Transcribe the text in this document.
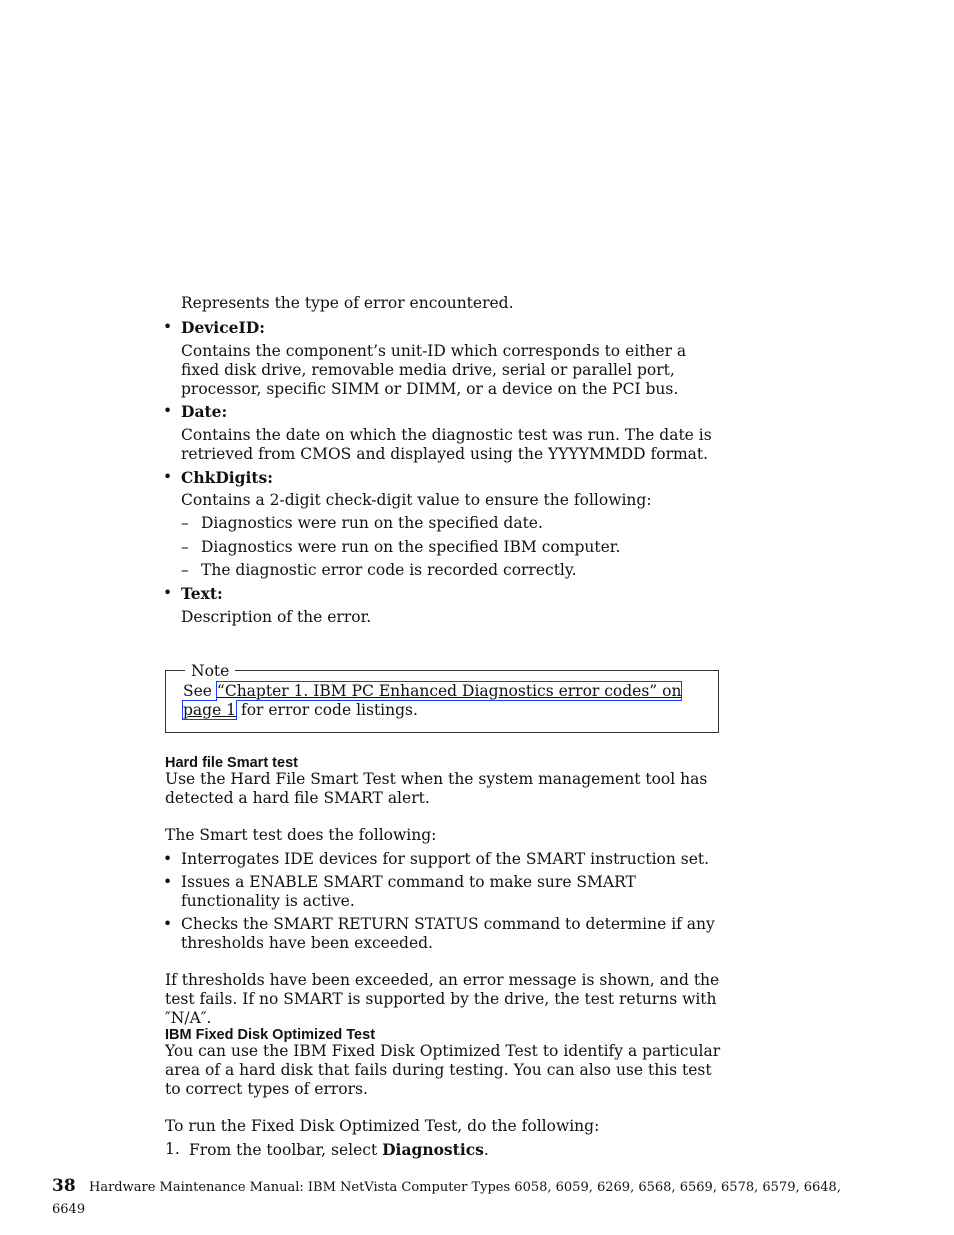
Represents the type of error encountered.

• DeviceID:

Contains the component’s unit-ID which corresponds to either a fixed disk drive, removable media drive, serial or parallel port, processor, specific SIMM or DIMM, or a device on the PCI bus.

• Date:

Contains the date on which the diagnostic test was run. The date is retrieved from CMOS and displayed using the YYYYMMDD format.

• ChkDigits:

Contains a 2-digit check-digit value to ensure the following:

– Diagnostics were run on the specified date.

– Diagnostics were run on the specified IBM computer.

– The diagnostic error code is recorded correctly.

• Text:

Description of the error.

Note

See “Chapter 1. IBM PC Enhanced Diagnostics error codes” on page 1 for error code listings.

Hard file Smart test

Use the Hard File Smart Test when the system management tool has detected a hard file SMART alert.

The Smart test does the following:

• Interrogates IDE devices for support of the SMART instruction set.

• Issues a ENABLE SMART command to make sure SMART functionality is active.

• Checks the SMART RETURN STATUS command to determine if any thresholds have been exceeded.

If thresholds have been exceeded, an error message is shown, and the test fails. If no SMART is supported by the drive, the test returns with ″N/A″.

IBM Fixed Disk Optimized Test

You can use the IBM Fixed Disk Optimized Test to identify a particular area of a hard disk that fails during testing. You can also use this test to correct types of errors.

To run the Fixed Disk Optimized Test, do the following:

1. From the toolbar, select Diagnostics.

38 Hardware Maintenance Manual: IBM NetVista Computer Types 6058, 6059, 6269, 6568, 6569, 6578, 6579, 6648,
6649
